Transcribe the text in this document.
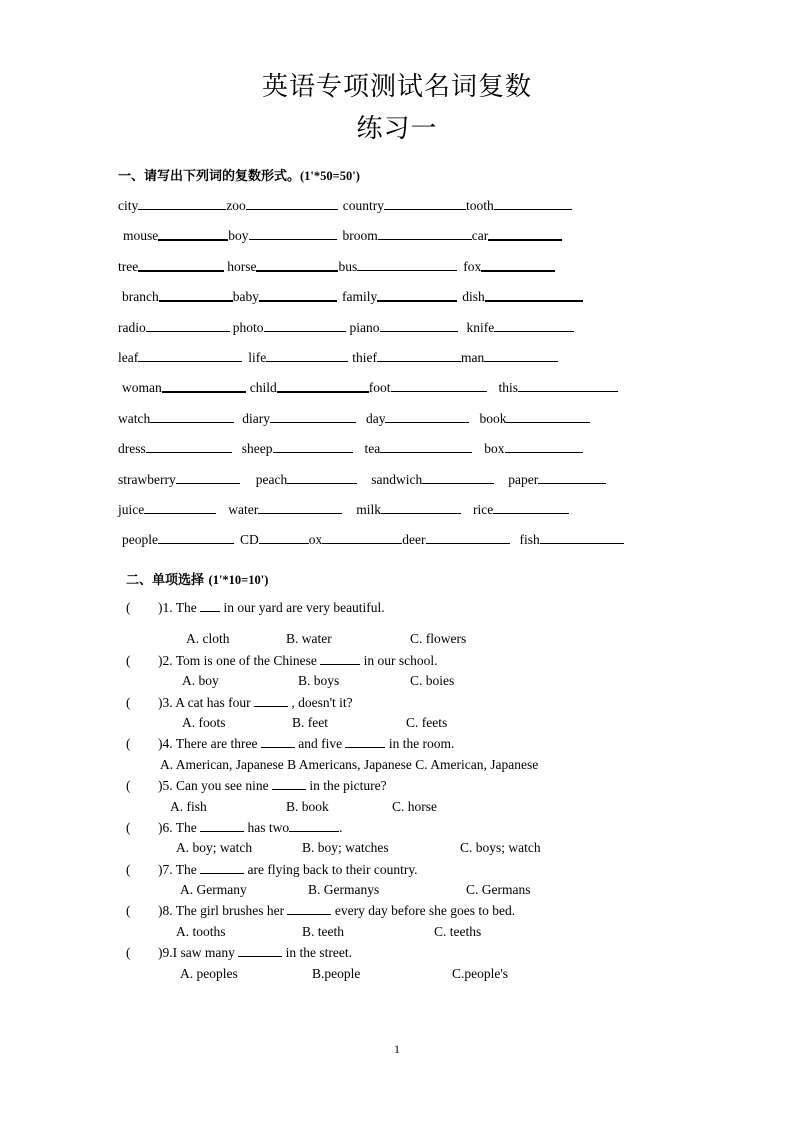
英语专项测试名词复数
练习一
一、请写出下列词的复数形式。(1'*50=50')
city	zoo	country	tooth
mouse	boy	broom	car
tree	horse	bus	fox
branch	baby	family	dish
radio	photo	piano	knife
leaf	life	thief	man
woman	child	foot	this
watch	diary	day	book
dress	sheep	tea	box
strawberry	peach	sandwich	paper
juice	water	milk	rice
people	CD	ox	deer	fish
二、单项选择 (1'*10=10')
( )1. The  in our yard are very beautiful.
A. cloth	B. water	C. flowers
( )2. Tom is one of the Chinese	in our school.
A. boy	B. boys	C. boies
( )3. A cat has four	, doesn't it?
A. foots	B. feet	C. feets
( )4. There are three	and five	in the room.
A. American, Japanese B Americans, Japanese C. American, Japanese
( )5. Can you see nine	in the picture?
A. fish	B. book	C. horse
( )6. The	has two	.
A. boy; watch	B. boy; watches	C. boys; watch
( )7. The	are flying back to their country.
A. Germany	B. Germanys	C. Germans
( )8. The girl brushes her	every day before she goes to bed.
A. tooths	B. teeth	C. teeths
( )9.I saw many	in the street.
A. peoples	B.people	C.people's
1
